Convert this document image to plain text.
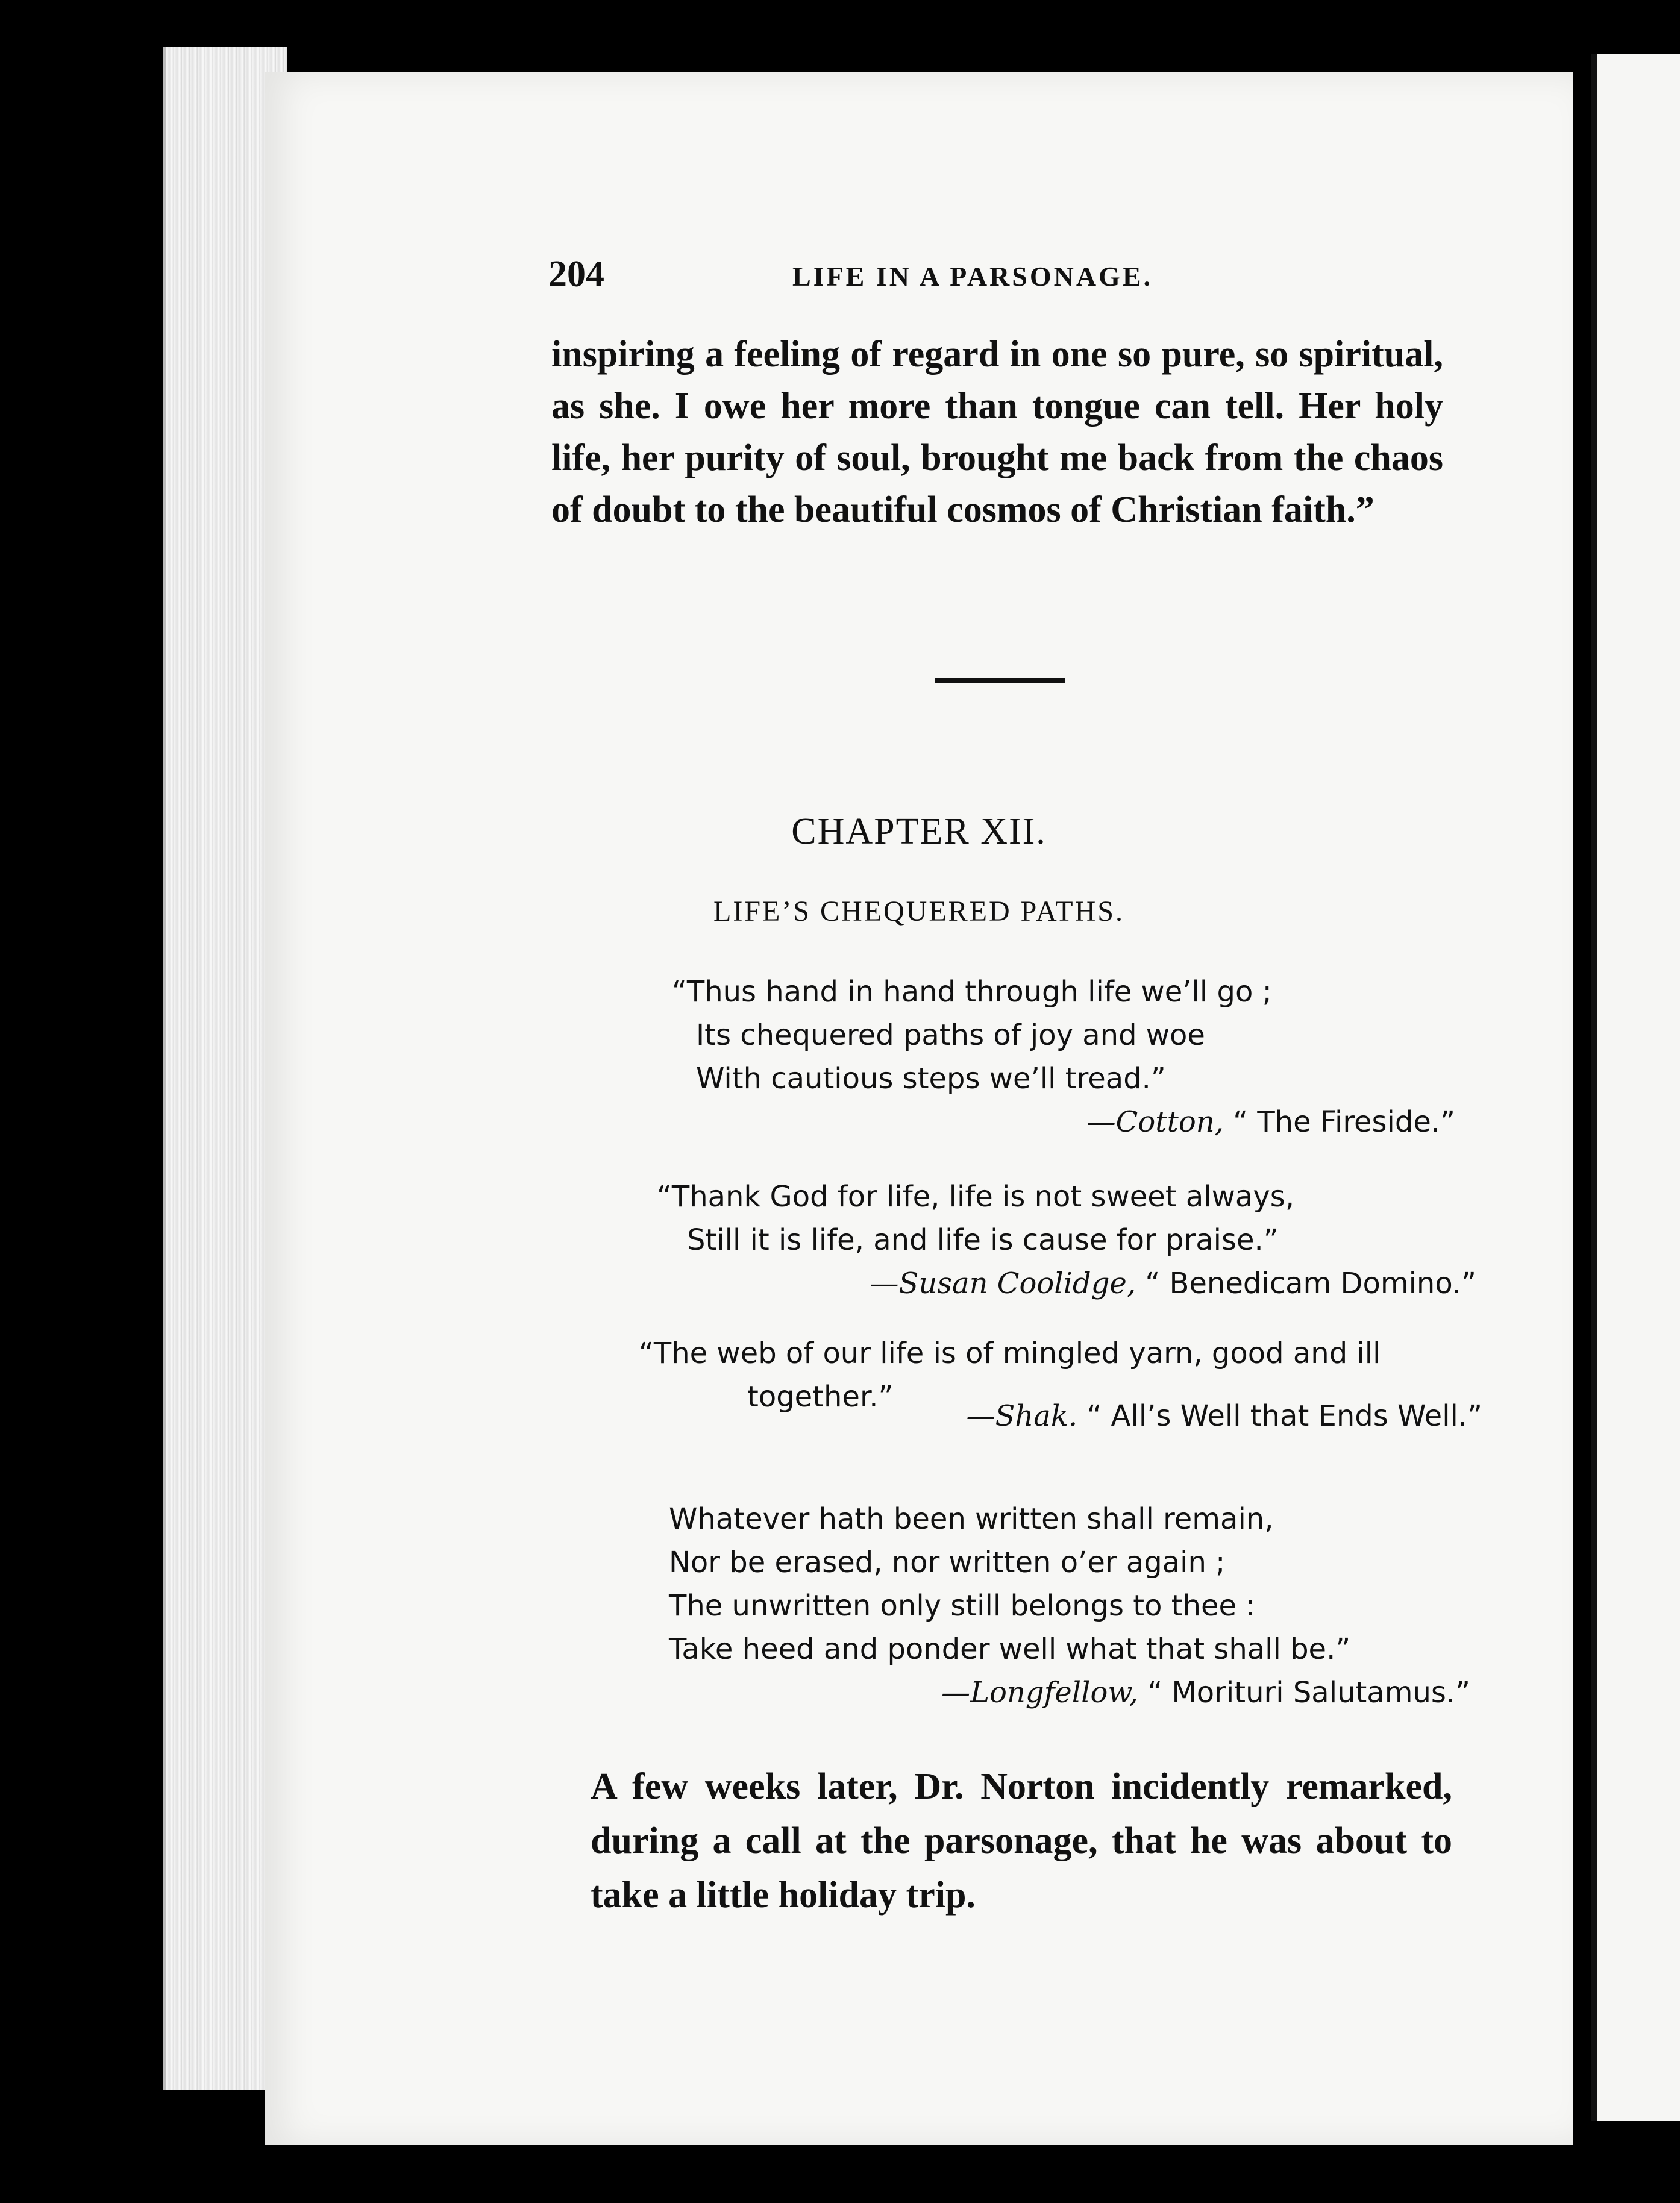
204	LIFE IN A PARSONAGE.

inspiring a feeling of regard in one so pure, so spiritual, as she. I owe her more than tongue can tell. Her holy life, her purity of soul, brought me back from the chaos of doubt to the beautiful cosmos of Christian faith.”

CHAPTER XII.
LIFE’S CHEQUERED PATHS.
“Thus hand in hand through life we’ll go ;
Its chequered paths of joy and woe
With cautious steps we’ll tread.”
—Cotton, “ The Fireside.”
“Thank God for life, life is not sweet always,
Still it is life, and life is cause for praise.”
—Susan Coolidge, “ Benedicam Domino.”
“The web of our life is of mingled yarn, good and ill
together.”
—Shak. “ All’s Well that Ends Well.”
Whatever hath been written shall remain,
Nor be erased, nor written o’er again ;
The unwritten only still belongs to thee :
Take heed and ponder well what that shall be.”
—Longfellow, “ Morituri Salutamus.”

A few weeks later, Dr. Norton incidently remarked, during a call at the parsonage, that he was about to take a little holiday trip.
